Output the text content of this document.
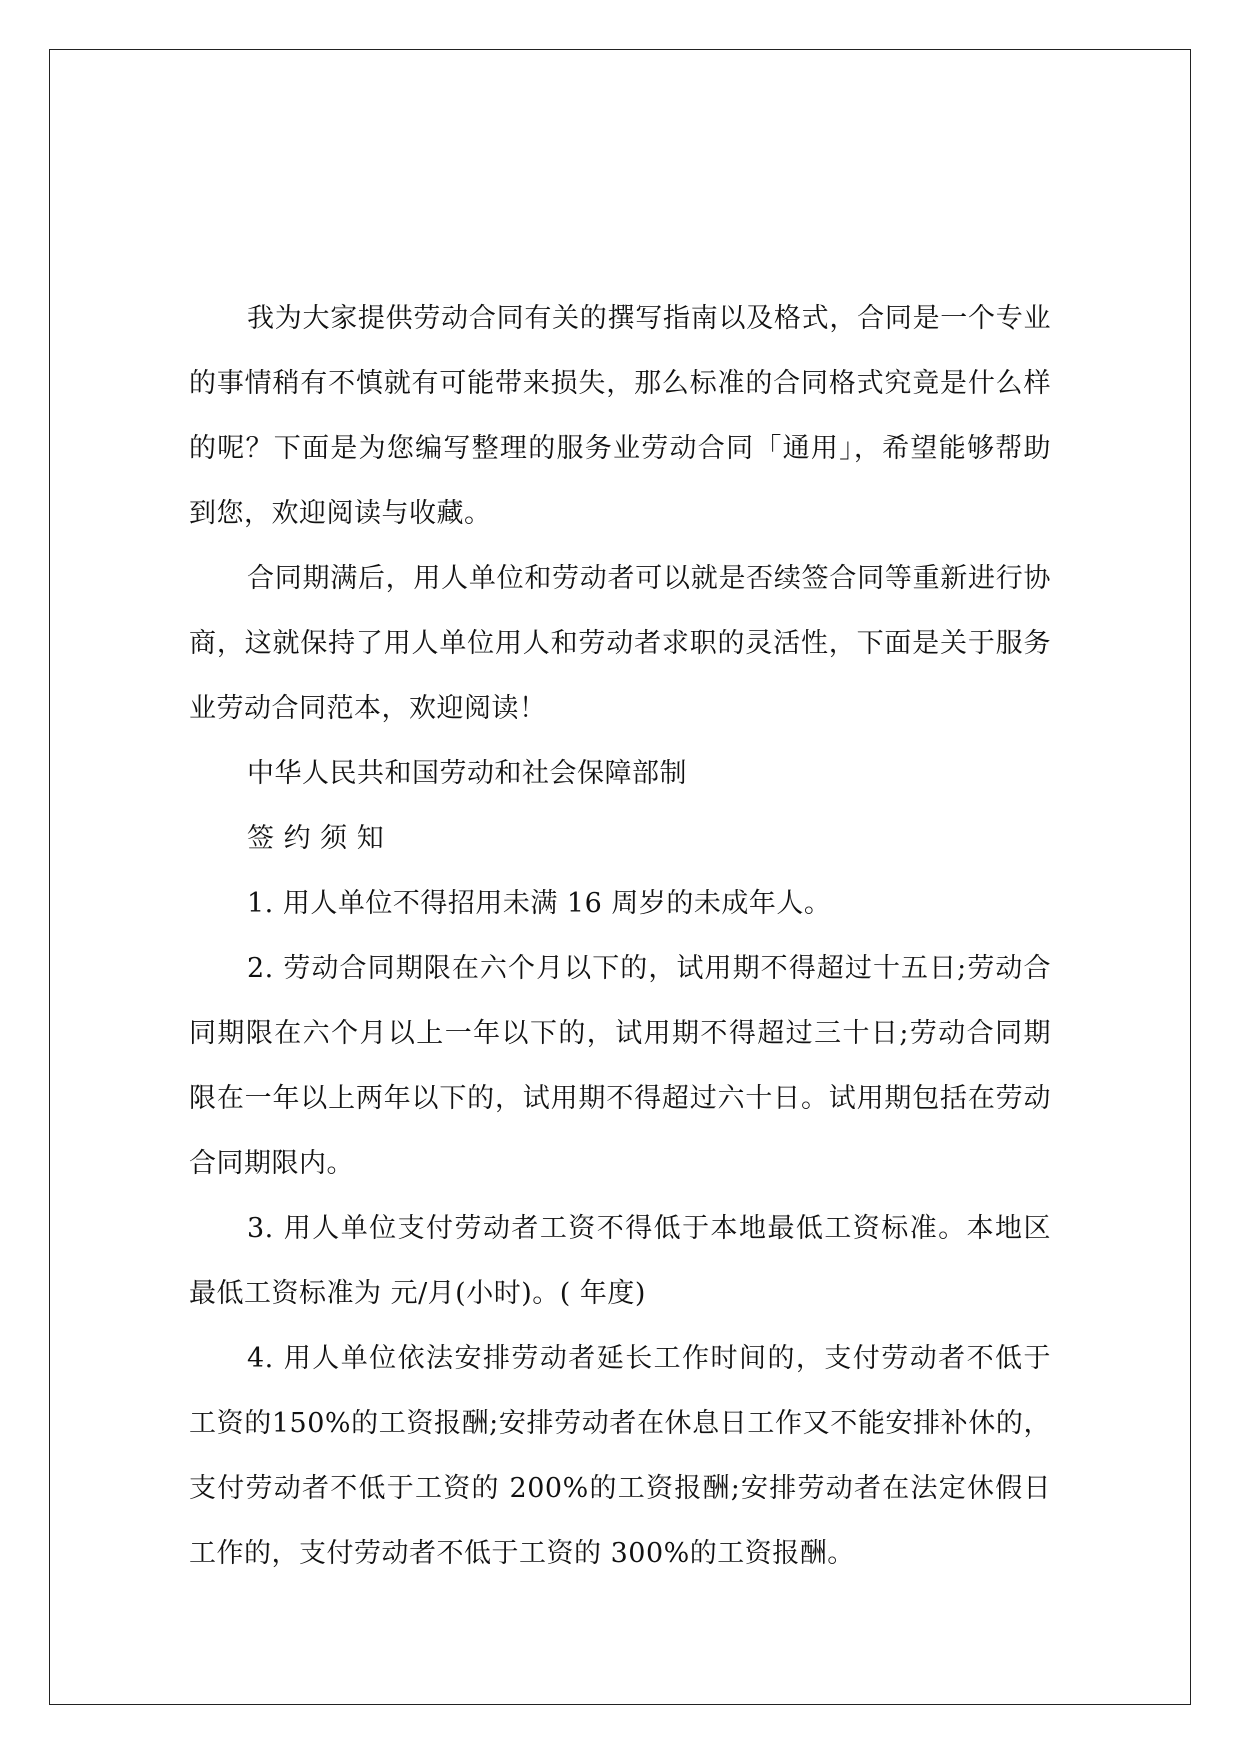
我为大家提供劳动合同有关的撰写指南以及格式，合同是一个专业的事情稍有不慎就有可能带来损失，那么标准的合同格式究竟是什么样的呢？下面是为您编写整理的服务业劳动合同「通用」，希望能够帮助到您，欢迎阅读与收藏。

合同期满后，用人单位和劳动者可以就是否续签合同等重新进行协商，这就保持了用人单位用人和劳动者求职的灵活性，下面是关于服务业劳动合同范本，欢迎阅读！

中华人民共和国劳动和社会保障部制

签 约 须 知

1. 用人单位不得招用未满 16 周岁的未成年人。

2. 劳动合同期限在六个月以下的，试用期不得超过十五日;劳动合同期限在六个月以上一年以下的，试用期不得超过三十日;劳动合同期限在一年以上两年以下的，试用期不得超过六十日。试用期包括在劳动合同期限内。

3. 用人单位支付劳动者工资不得低于本地最低工资标准。本地区最低工资标准为 元/月(小时)。( 年度)

4. 用人单位依法安排劳动者延长工作时间的，支付劳动者不低于工资的150%的工资报酬;安排劳动者在休息日工作又不能安排补休的，支付劳动者不低于工资的 200%的工资报酬;安排劳动者在法定休假日工作的，支付劳动者不低于工资的 300%的工资报酬。
